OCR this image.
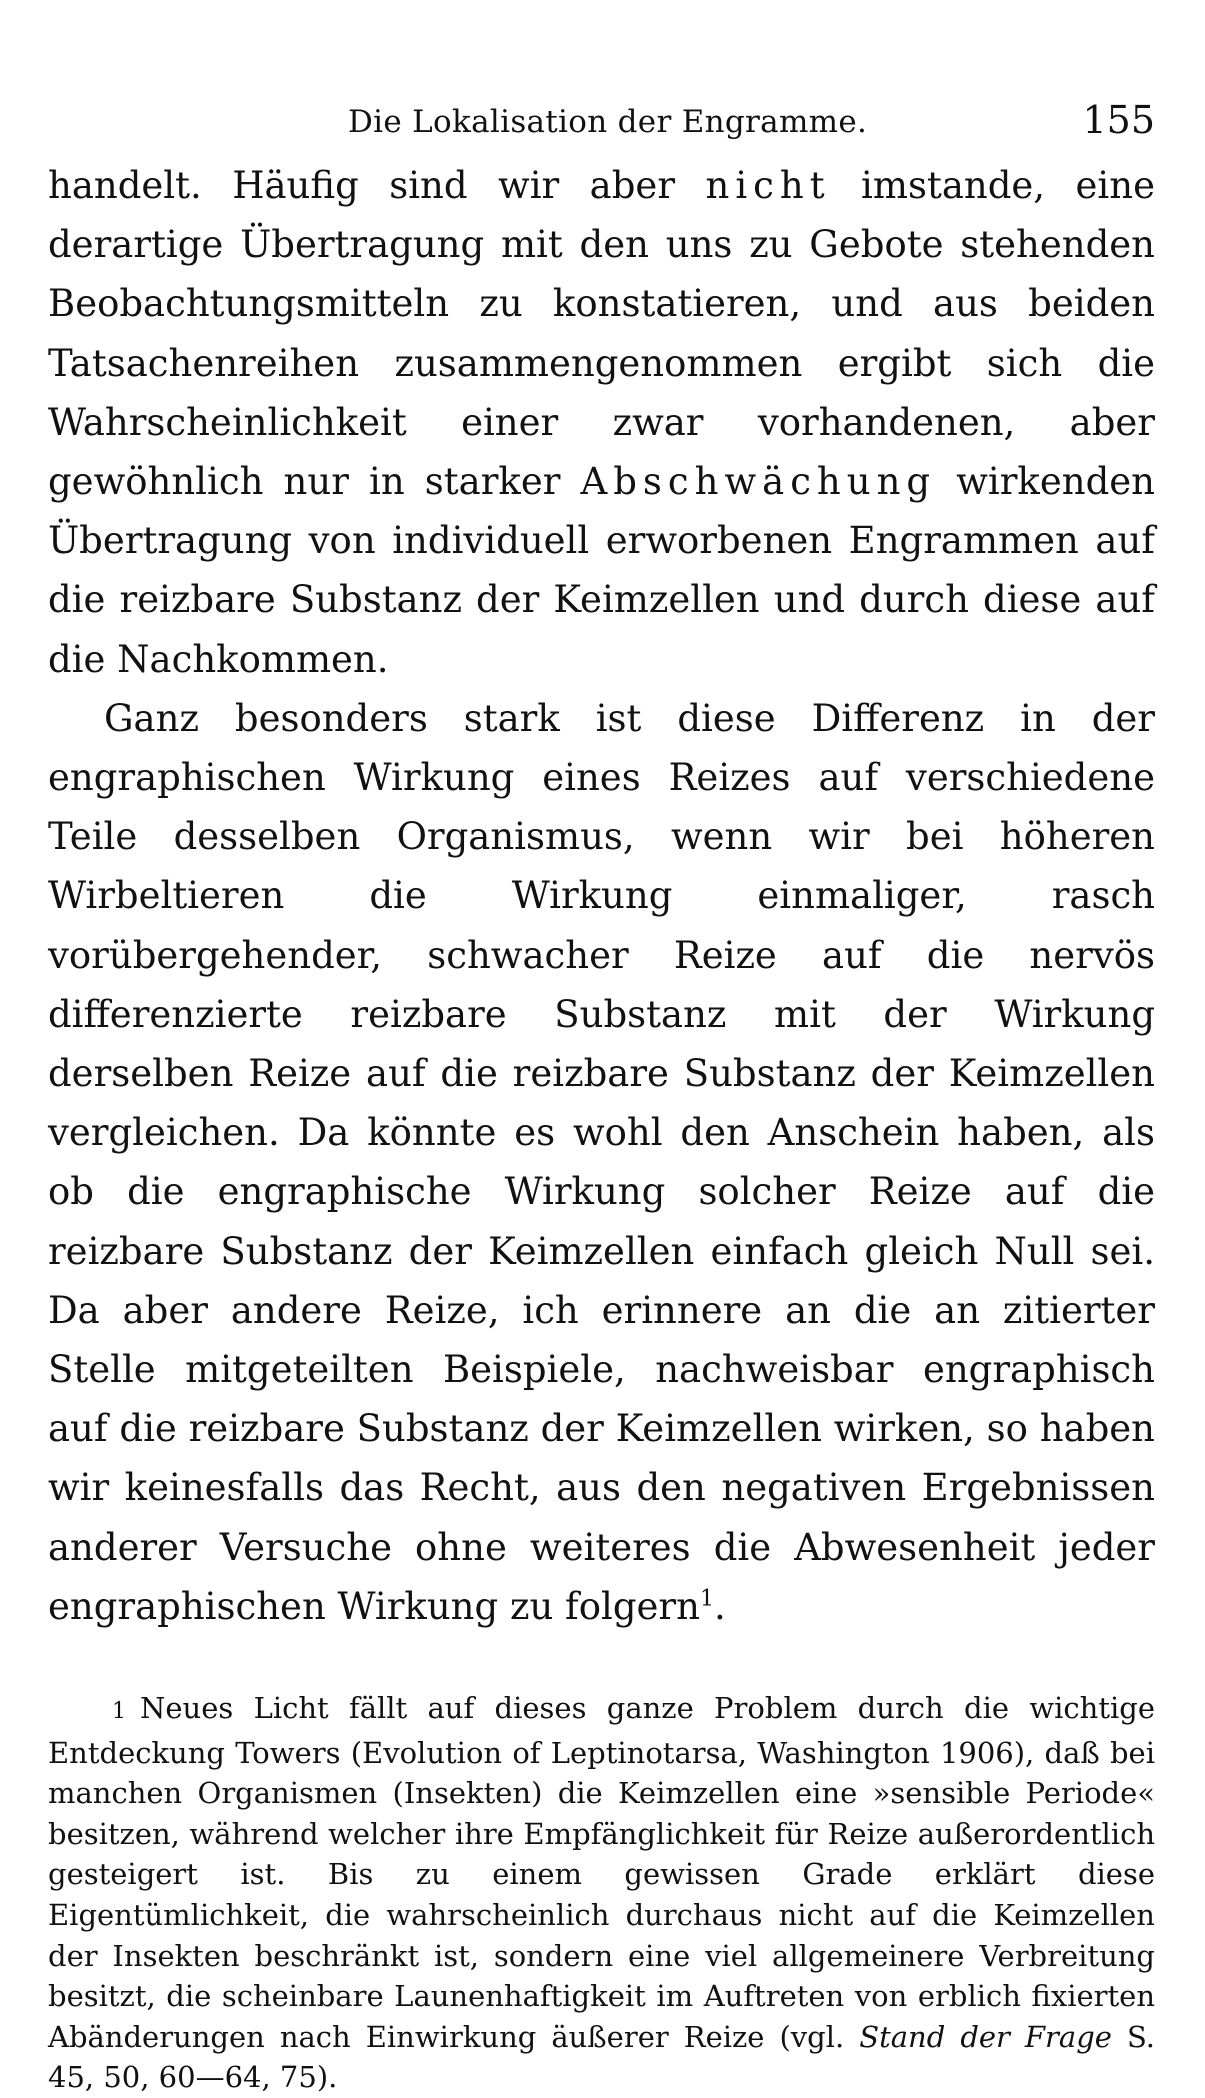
Die Lokalisation der Engramme.	155

handelt. Häufig sind wir aber nicht imstande, eine derartige Übertragung mit den uns zu Gebote stehenden Beobachtungsmitteln zu konstatieren, und aus beiden Tatsachenreihen zusammengenommen ergibt sich die Wahrscheinlichkeit einer zwar vorhandenen, aber gewöhnlich nur in starker Abschwächung wirkenden Übertragung von individuell erworbenen Engrammen auf die reizbare Substanz der Keimzellen und durch diese auf die Nachkommen.

Ganz besonders stark ist diese Differenz in der engraphischen Wirkung eines Reizes auf verschiedene Teile desselben Organismus, wenn wir bei höheren Wirbeltieren die Wirkung einmaliger, rasch vorübergehender, schwacher Reize auf die nervös differenzierte reizbare Substanz mit der Wirkung derselben Reize auf die reizbare Substanz der Keimzellen vergleichen. Da könnte es wohl den Anschein haben, als ob die engraphische Wirkung solcher Reize auf die reizbare Substanz der Keimzellen einfach gleich Null sei. Da aber andere Reize, ich erinnere an die an zitierter Stelle mitgeteilten Beispiele, nachweisbar engraphisch auf die reizbare Substanz der Keimzellen wirken, so haben wir keinesfalls das Recht, aus den negativen Ergebnissen anderer Versuche ohne weiteres die Abwesenheit jeder engraphischen Wirkung zu folgern$^1$.

1 Neues Licht fällt auf dieses ganze Problem durch die wichtige Entdeckung Towers (Evolution of Leptinotarsa, Washington 1906), daß bei manchen Organismen (Insekten) die Keimzellen eine »sensible Periode« besitzen, während welcher ihre Empfänglichkeit für Reize außerordentlich gesteigert ist. Bis zu einem gewissen Grade erklärt diese Eigentümlichkeit, die wahrscheinlich durchaus nicht auf die Keimzellen der Insekten beschränkt ist, sondern eine viel allgemeinere Verbreitung besitzt, die scheinbare Launenhaftigkeit im Auftreten von erblich fixierten Abänderungen nach Einwirkung äußerer Reize (vgl. Stand der Frage S. 45, 50, 60—64, 75).
